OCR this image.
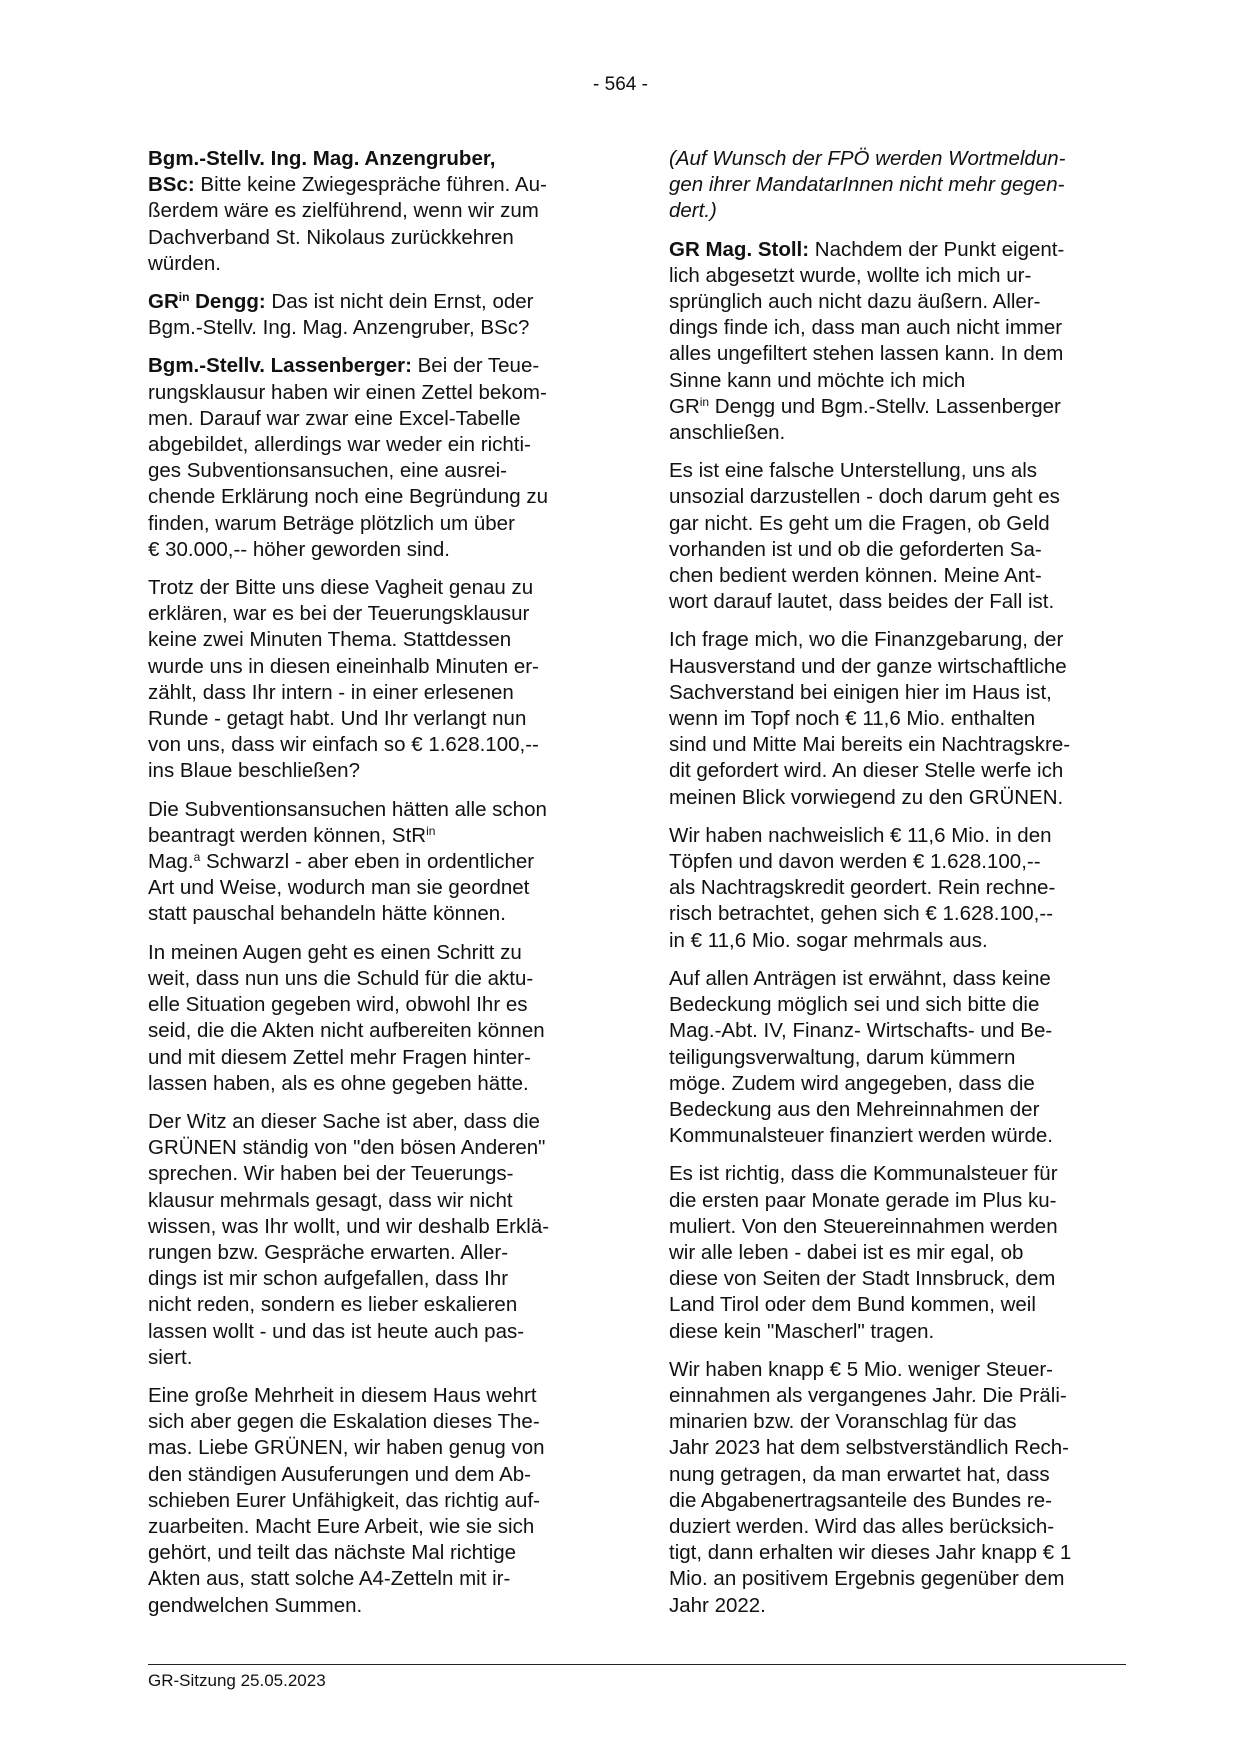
- 564 -
Bgm.-Stellv. Ing. Mag. Anzengruber,
BSc: Bitte keine Zwiegespräche führen. Au-
ßerdem wäre es zielführend, wenn wir zum
Dachverband St. Nikolaus zurückkehren
würden.
$GR^{in}$ Dengg: Das ist nicht dein Ernst, oder
Bgm.-Stellv. Ing. Mag. Anzengruber, BSc?
Bgm.-Stellv. Lassenberger: Bei der Teue-
rungsklausur haben wir einen Zettel bekom-
men. Darauf war zwar eine Excel-Tabelle
abgebildet, allerdings war weder ein richti-
ges Subventionsansuchen, eine ausrei-
chende Erklärung noch eine Begründung zu
finden, warum Beträge plötzlich um über
€ 30.000,-- höher geworden sind.
Trotz der Bitte uns diese Vagheit genau zu
erklären, war es bei der Teuerungsklausur
keine zwei Minuten Thema. Stattdessen
wurde uns in diesen eineinhalb Minuten er-
zählt, dass Ihr intern - in einer erlesenen
Runde - getagt habt. Und Ihr verlangt nun
von uns, dass wir einfach so € 1.628.100,--
ins Blaue beschließen?
Die Subventionsansuchen hätten alle schon
beantragt werden können, StR$^{in}$
Mag.$^a$ Schwarzl - aber eben in ordentlicher
Art und Weise, wodurch man sie geordnet
statt pauschal behandeln hätte können.
In meinen Augen geht es einen Schritt zu
weit, dass nun uns die Schuld für die aktu-
elle Situation gegeben wird, obwohl Ihr es
seid, die die Akten nicht aufbereiten können
und mit diesem Zettel mehr Fragen hinter-
lassen haben, als es ohne gegeben hätte.
Der Witz an dieser Sache ist aber, dass die
GRÜNEN ständig von "den bösen Anderen"
sprechen. Wir haben bei der Teuerungs-
klausur mehrmals gesagt, dass wir nicht
wissen, was Ihr wollt, und wir deshalb Erklä-
rungen bzw. Gespräche erwarten. Aller-
dings ist mir schon aufgefallen, dass Ihr
nicht reden, sondern es lieber eskalieren
lassen wollt - und das ist heute auch pas-
siert.
Eine große Mehrheit in diesem Haus wehrt
sich aber gegen die Eskalation dieses The-
mas. Liebe GRÜNEN, wir haben genug von
den ständigen Ausuferungen und dem Ab-
schieben Eurer Unfähigkeit, das richtig auf-
zuarbeiten. Macht Eure Arbeit, wie sie sich
gehört, und teilt das nächste Mal richtige
Akten aus, statt solche A4-Zetteln mit ir-
gendwelchen Summen.
(Auf Wunsch der FPÖ werden Wortmeldun-
gen ihrer MandatarInnen nicht mehr gegen-
dert.)
GR Mag. Stoll: Nachdem der Punkt eigent-
lich abgesetzt wurde, wollte ich mich ur-
sprünglich auch nicht dazu äußern. Aller-
dings finde ich, dass man auch nicht immer
alles ungefiltert stehen lassen kann. In dem
Sinne kann und möchte ich mich
$GR^{in}$ Dengg und Bgm.-Stellv. Lassenberger
anschließen.
Es ist eine falsche Unterstellung, uns als
unsozial darzustellen - doch darum geht es
gar nicht. Es geht um die Fragen, ob Geld
vorhanden ist und ob die geforderten Sa-
chen bedient werden können. Meine Ant-
wort darauf lautet, dass beides der Fall ist.
Ich frage mich, wo die Finanzgebarung, der
Hausverstand und der ganze wirtschaftliche
Sachverstand bei einigen hier im Haus ist,
wenn im Topf noch € 11,6 Mio. enthalten
sind und Mitte Mai bereits ein Nachtragskre-
dit gefordert wird. An dieser Stelle werfe ich
meinen Blick vorwiegend zu den GRÜNEN.
Wir haben nachweislich € 11,6 Mio. in den
Töpfen und davon werden € 1.628.100,--
als Nachtragskredit geordert. Rein rechne-
risch betrachtet, gehen sich € 1.628.100,--
in € 11,6 Mio. sogar mehrmals aus.
Auf allen Anträgen ist erwähnt, dass keine
Bedeckung möglich sei und sich bitte die
Mag.-Abt. IV, Finanz- Wirtschafts- und Be-
teiligungsverwaltung, darum kümmern
möge. Zudem wird angegeben, dass die
Bedeckung aus den Mehreinnahmen der
Kommunalsteuer finanziert werden würde.
Es ist richtig, dass die Kommunalsteuer für
die ersten paar Monate gerade im Plus ku-
muliert. Von den Steuereinnahmen werden
wir alle leben - dabei ist es mir egal, ob
diese von Seiten der Stadt Innsbruck, dem
Land Tirol oder dem Bund kommen, weil
diese kein "Mascherl" tragen.
Wir haben knapp € 5 Mio. weniger Steuer-
einnahmen als vergangenes Jahr. Die Präli-
minarien bzw. der Voranschlag für das
Jahr 2023 hat dem selbstverständlich Rech-
nung getragen, da man erwartet hat, dass
die Abgabenertragsanteile des Bundes re-
duziert werden. Wird das alles berücksich-
tigt, dann erhalten wir dieses Jahr knapp € 1
Mio. an positivem Ergebnis gegenüber dem
Jahr 2022.
GR-Sitzung 25.05.2023
